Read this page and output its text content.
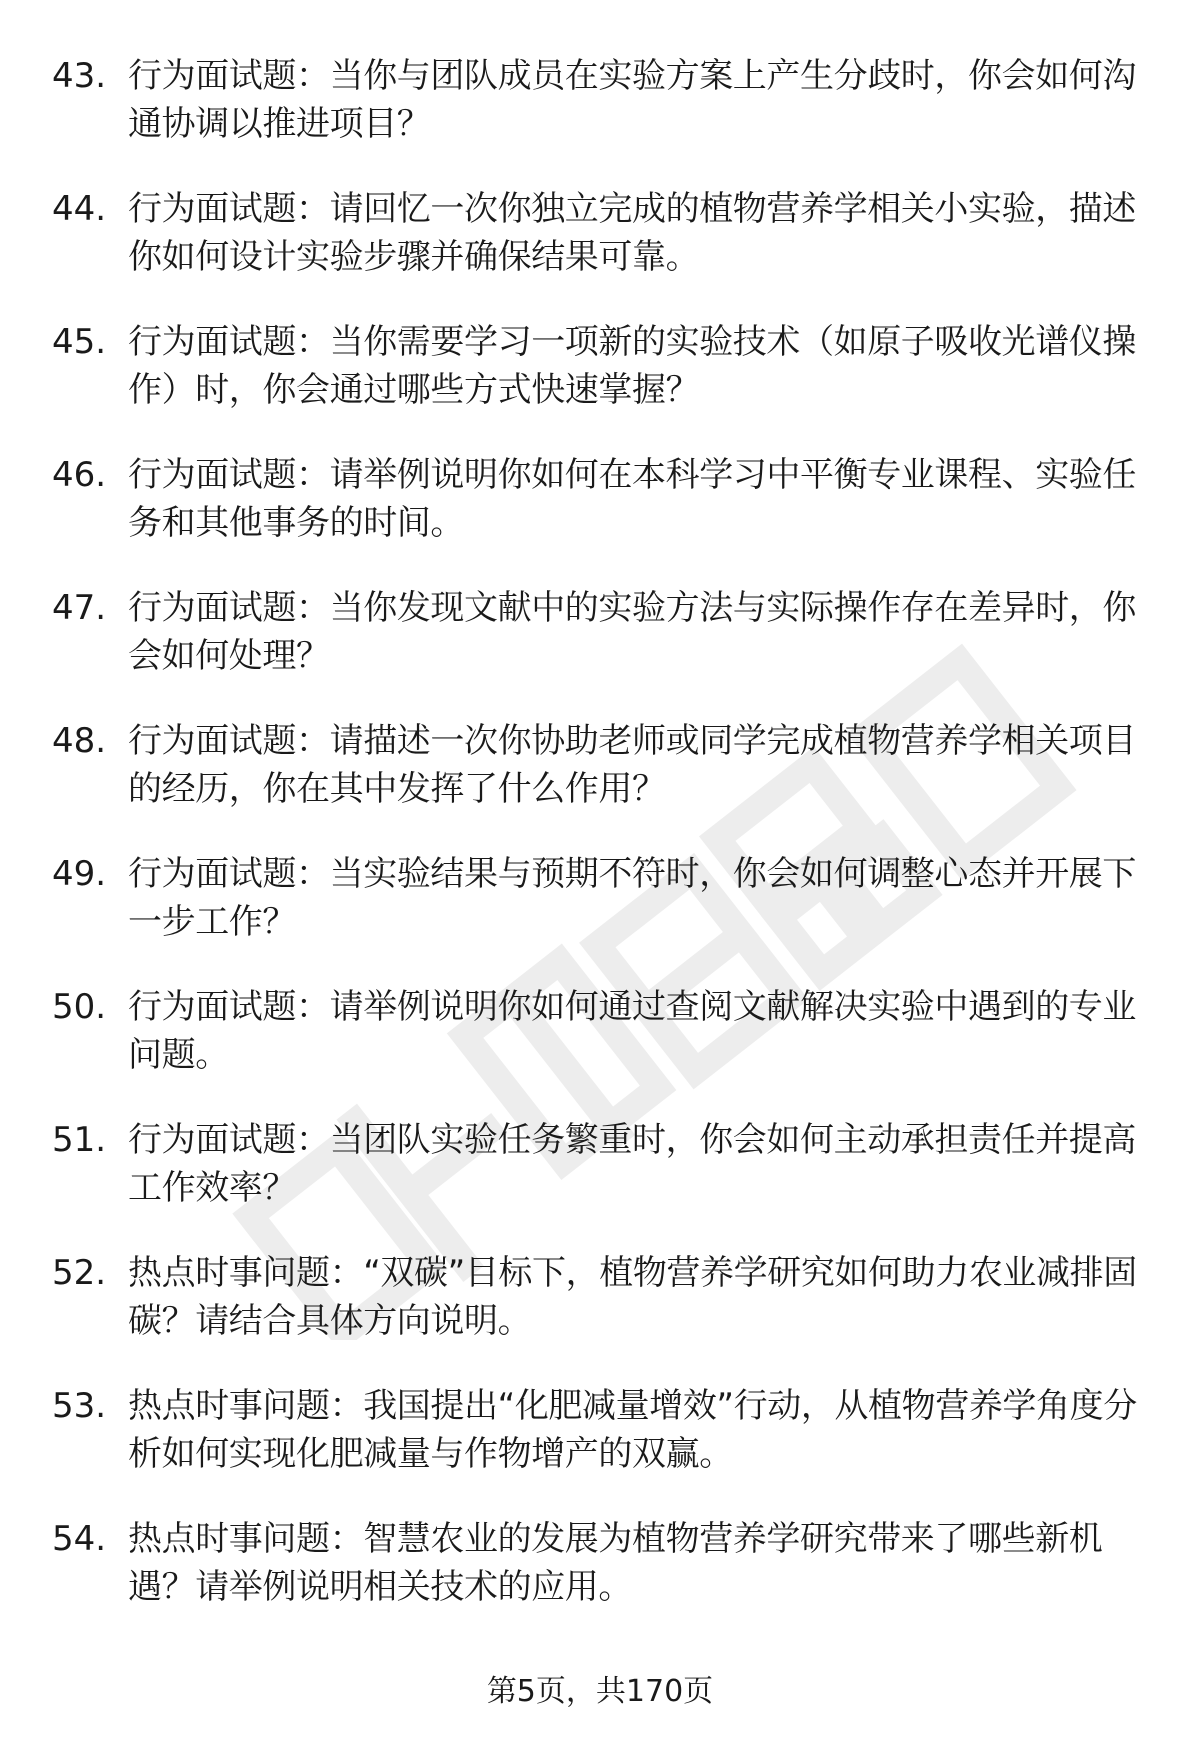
43. 行为面试题：当你与团队成员在实验方案上产生分歧时，你会如何沟通协调以推进项目？
44. 行为面试题：请回忆一次你独立完成的植物营养学相关小实验，描述你如何设计实验步骤并确保结果可靠。
45. 行为面试题：当你需要学习一项新的实验技术（如原子吸收光谱仪操作）时，你会通过哪些方式快速掌握？
46. 行为面试题：请举例说明你如何在本科学习中平衡专业课程、实验任务和其他事务的时间。
47. 行为面试题：当你发现文献中的实验方法与实际操作存在差异时，你会如何处理？
48. 行为面试题：请描述一次你协助老师或同学完成植物营养学相关项目的经历，你在其中发挥了什么作用？
49. 行为面试题：当实验结果与预期不符时，你会如何调整心态并开展下一步工作？
50. 行为面试题：请举例说明你如何通过查阅文献解决实验中遇到的专业问题。
51. 行为面试题：当团队实验任务繁重时，你会如何主动承担责任并提高工作效率？
52. 热点时事问题：“双碳”目标下，植物营养学研究如何助力农业减排固碳？请结合具体方向说明。
53. 热点时事问题：我国提出“化肥减量增效”行动，从植物营养学角度分析如何实现化肥减量与作物增产的双赢。
54. 热点时事问题：智慧农业的发展为植物营养学研究带来了哪些新机遇？请举例说明相关技术的应用。
第5页，共170页
